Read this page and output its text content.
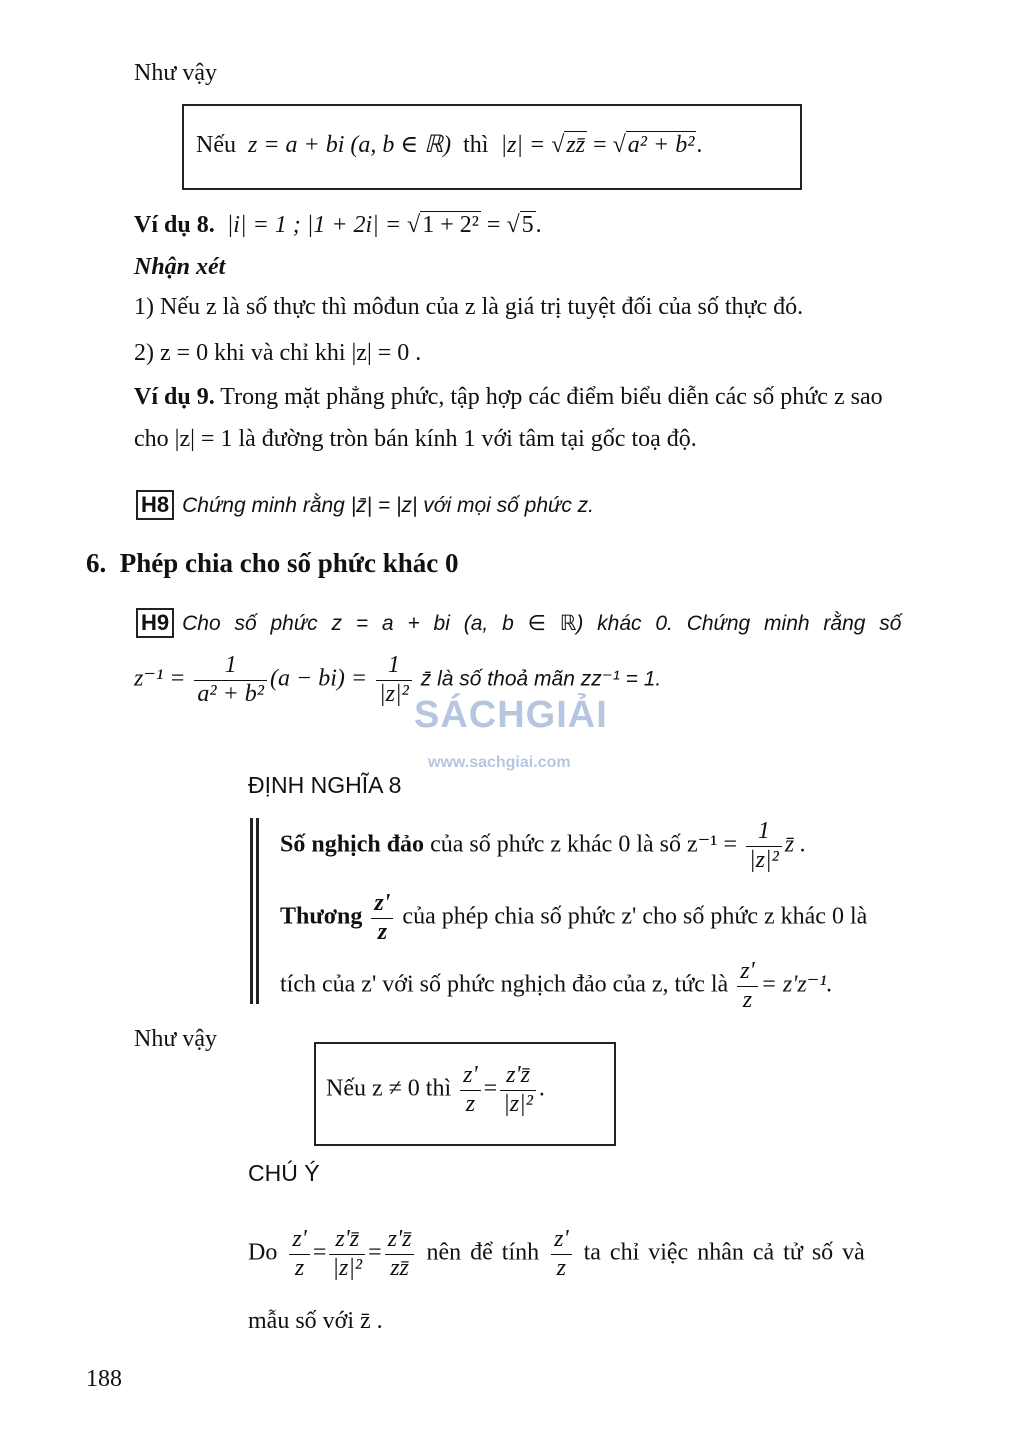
Như vậy
Nếu z = a + bi (a, b ∈ ℝ) thì |z| = √zz̄ = √a² + b².
Ví dụ 8. |i| = 1 ; |1 + 2i| = √1 + 2² = √5.
Nhận xét
1) Nếu z là số thực thì môđun của z là giá trị tuyệt đối của số thực đó.
2) z = 0 khi và chỉ khi |z| = 0 .
Ví dụ 9. Trong mặt phẳng phức, tập hợp các điểm biểu diễn các số phức z sao
cho |z| = 1 là đường tròn bán kính 1 với tâm tại gốc toạ độ.
H8 Chứng minh rằng |z̄| = |z| với mọi số phức z.
6. Phép chia cho số phức khác 0
H9 Cho số phức z = a + bi (a, b ∈ ℝ) khác 0. Chứng minh rằng số
$z^{-1} = \frac{1}{\text{a² + b²}} (a - bi) = \frac{1}{\text{|z|²}}$ z̄ là số thoả mãn zz⁻¹ = 1.
SÁCHGIẢI
www.sachgiai.com
ĐỊNH NGHĨA 8
Số nghịch đảo của số phức z khác 0 là số $z^{-1} = \frac{1}{\text{|z|²}}$ z̄ .
Thương $\frac{z'}{z}$ của phép chia số phức z' cho số phức z khác 0 là
tích của z' với số phức nghịch đảo của z, tức là $\frac{z'}{z} = z'z^{-1}$.
Như vậy
Nếu z ≠ 0 thì $\frac{z'}{z} = \frac{z'z̄}{\text{|z|²}}$ .
CHÚ Ý
Do $\frac{z'}{z} = \frac{z'z̄}{\text{|z|²}} = \frac{z'z̄}{zz̄}$ nên để tính $\frac{z'}{z}$ ta chỉ việc nhân cả tử số và
mẫu số với z̄ .
188
